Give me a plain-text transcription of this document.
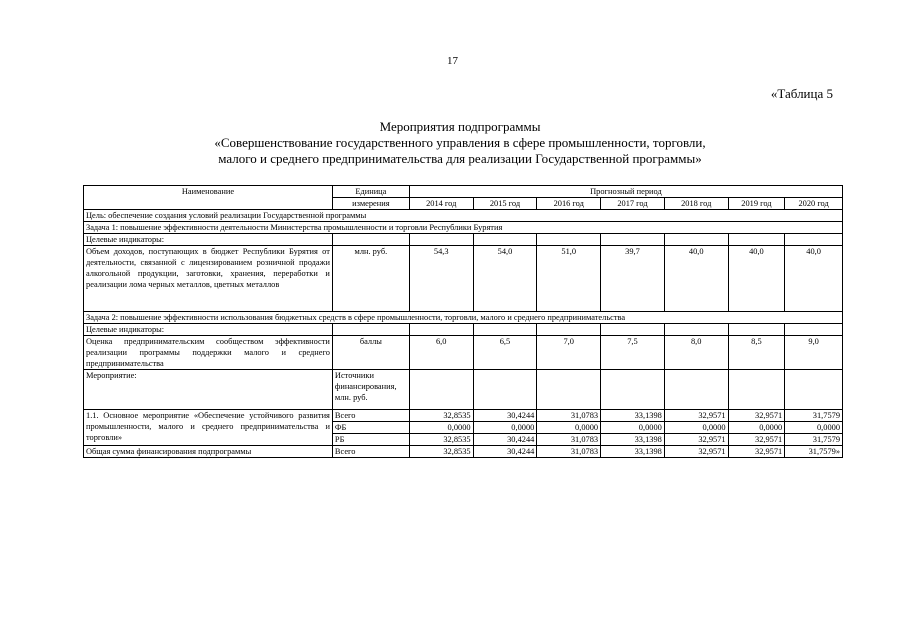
17
«Таблица 5
Мероприятия подпрограммы
«Совершенствование государственного управления в сфере промышленности, торговли,
малого и среднего предпринимательства для реализации Государственной программы»
Наименование	Единица	Прогнозный период						
	измерения	2014 год	2015 год	2016 год	2017 год	2018 год	2019 год	2020 год
Цель: обеспечение создания условий реализации Государственной программы								
Задача 1: повышение эффективности деятельности Министерства промышленности и торговли Республики Бурятия								
Целевые индикаторы:								
Объем доходов, поступающих в бюджет Республики Бурятия от деятельности, связанной с лицензированием розничной продажи алкогольной продукции, заготовки, хранения, переработки и реализации лома черных металлов, цветных металлов	млн. руб.	54,3	54,0	51,0	39,7	40,0	40,0	40,0
Задача 2: повышение эффективности использования бюджетных средств в сфере промышленности, торговли, малого и среднего предпринимательства								
Целевые индикаторы:								
Оценка предпринимательским сообществом эффективности реализации программы поддержки малого и среднего предпринимательства	баллы	6,0	6,5	7,0	7,5	8,0	8,5	9,0
Мероприятие:	Источники финансирования, млн. руб.							
1.1. Основное мероприятие «Обеспечение устойчивого развития промышленности, малого и среднего предпринимательства и торговли»	Всего	32,8535	30,4244	31,0783	33,1398	32,9571	32,9571	31,7579
	ФБ	0,0000	0,0000	0,0000	0,0000	0,0000	0,0000	0,0000
	РБ	32,8535	30,4244	31,0783	33,1398	32,9571	32,9571	31,7579
Общая сумма финансирования подпрограммы	Всего	32,8535	30,4244	31,0783	33,1398	32,9571	32,9571	31,7579»
